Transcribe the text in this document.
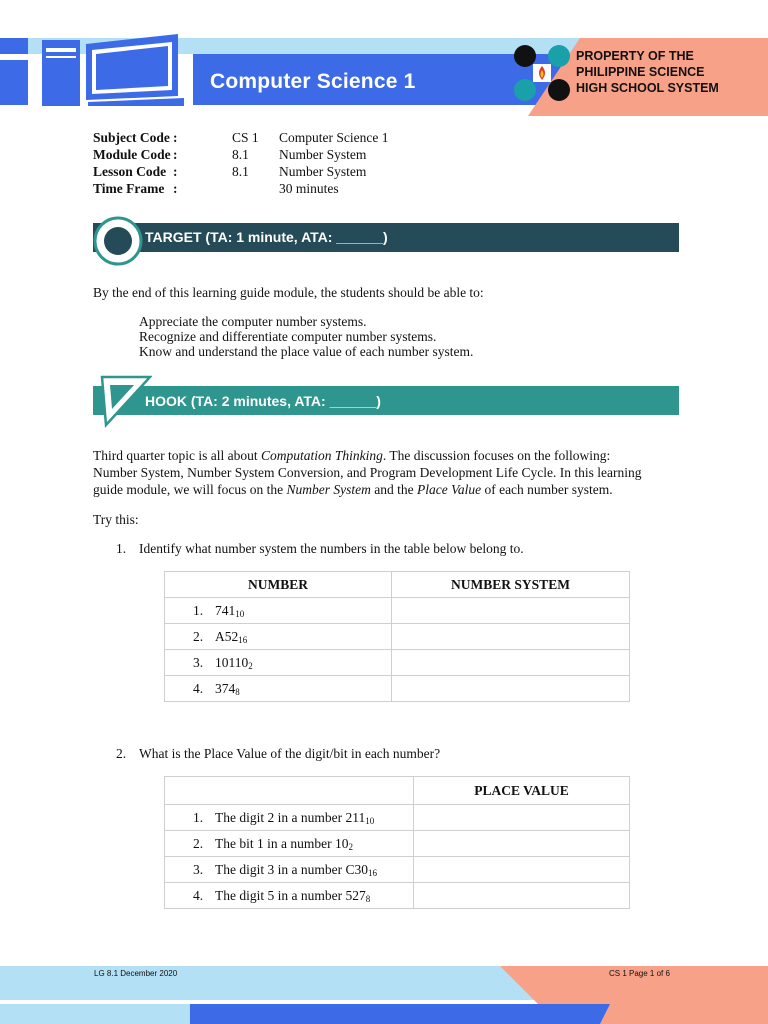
Computer Science 1
PROPERTY OF THE
PHILIPPINE SCIENCE
HIGH SCHOOL SYSTEM
Subject Code :	CS 1 Computer Science 1
Module Code :	8.1 Number System
Lesson Code :	8.1 Number System
Time Frame :	30 minutes
TARGET (TA: 1 minute, ATA: ______)
By the end of this learning guide module, the students should be able to:
Appreciate the computer number systems.
Recognize and differentiate computer number systems.
Know and understand the place value of each number system.
HOOK (TA: 2 minutes, ATA: ______)
Third quarter topic is all about Computation Thinking. The discussion focuses on the following:
Number System, Number System Conversion, and Program Development Life Cycle. In this learning
guide module, we will focus on the Number System and the Place Value of each number system.
Try this:
1. Identify what number system the numbers in the table below belong to.
NUMBER	NUMBER SYSTEM
1. $741_{10}$	
2. $A52_{16}$	
3. $10110_2$	
4. $374_8$	
2. What is the Place Value of the digit/bit in each number?
	PLACE VALUE
1. The digit 2 in a number $211_{10}$	
2. The bit 1 in a number $10_2$	
3. The digit 3 in a number $C30_{16}$	
4. The digit 5 in a number $527_8$	
LG 8.1 December 2020	CS 1 Page 1 of 6
